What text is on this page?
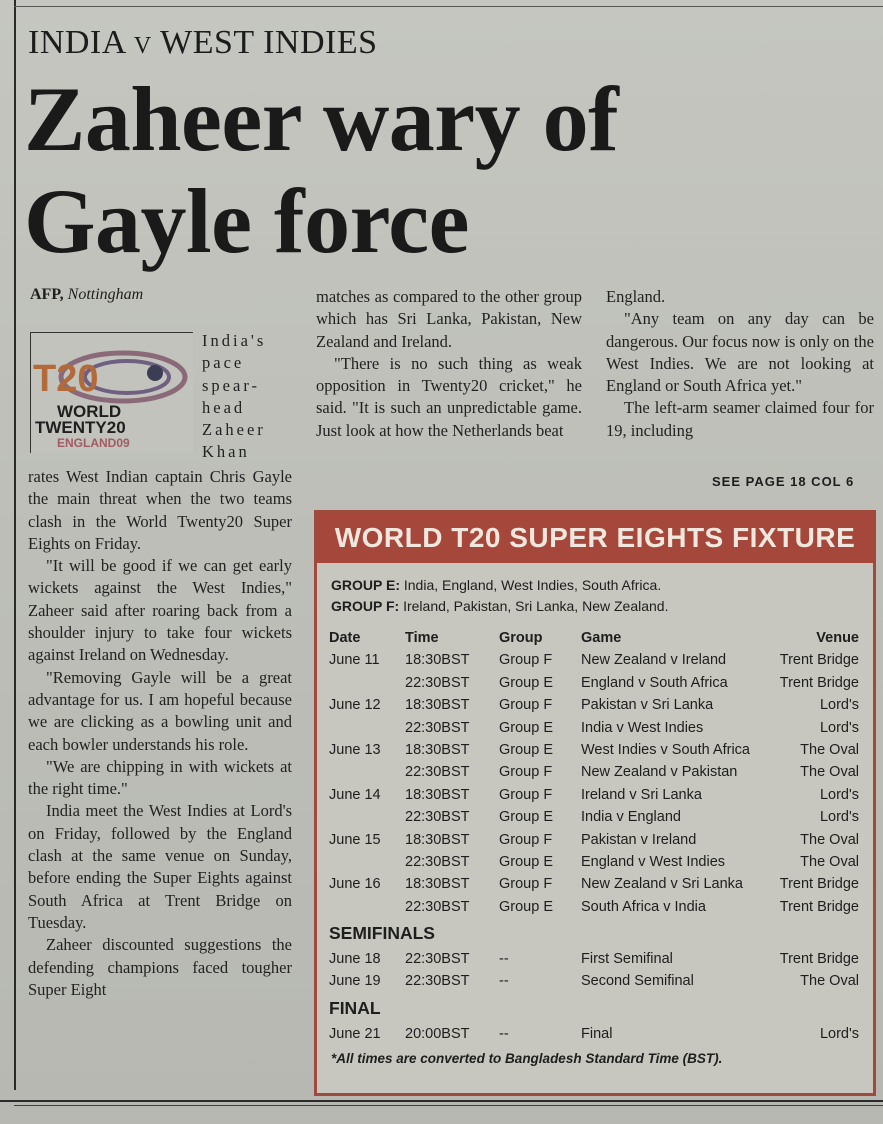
INDIA v WEST INDIES
Zaheer wary of
Gayle force
AFP, Nottingham
T20
WORLD
TWENTY20
ENGLAND09
India's
pace
spear-
head
Zaheer
Khan

rates West Indian captain Chris Gayle the main threat when the two teams clash in the World Twenty20 Super Eights on Friday.

"It will be good if we can get early wickets against the West Indies," Zaheer said after roaring back from a shoulder injury to take four wickets against Ireland on Wednesday.

"Removing Gayle will be a great advantage for us. I am hopeful because we are clicking as a bowling unit and each bowler understands his role.

"We are chipping in with wickets at the right time."

India meet the West Indies at Lord's on Friday, followed by the England clash at the same venue on Sunday, before ending the Super Eights against South Africa at Trent Bridge on Tuesday.

Zaheer discounted suggestions the defending champions faced tougher Super Eight

matches as compared to the other group which has Sri Lanka, Pakistan, New Zealand and Ireland.

"There is no such thing as weak opposition in Twenty20 cricket," he said. "It is such an unpredictable game. Just look at how the Netherlands beat

England.

"Any team on any day can be dangerous. Our focus now is only on the West Indies. We are not looking at England or South Africa yet."

The left-arm seamer claimed four for 19, including

SEE PAGE 18 COL 6
WORLD T20 SUPER EIGHTS FIXTURE
GROUP E: India, England, West Indies, South Africa.
GROUP F: Ireland, Pakistan, Sri Lanka, New Zealand.
Date	Time	Group	Game	Venue
June 11 18:30BST Group F New Zealand v Ireland	Trent Bridge
22:30BST Group E England v South Africa	Trent Bridge
June 12 18:30BST Group F Pakistan v Sri Lanka	Lord's
22:30BST Group E India v West Indies	Lord's
June 13 18:30BST Group E West Indies v South Africa	The Oval
22:30BST Group F New Zealand v Pakistan	The Oval
June 14 18:30BST Group F Ireland v Sri Lanka	Lord's
22:30BST Group E India v England	Lord's
June 15 18:30BST Group F Pakistan v Ireland	The Oval
22:30BST Group E England v West Indies	The Oval
June 16 18:30BST Group F New Zealand v Sri Lanka	Trent Bridge
22:30BST Group E South Africa v India	Trent Bridge
SEMIFINALS
June 18 22:30BST --	First Semifinal	Trent Bridge
June 19 22:30BST --	Second Semifinal	The Oval
FINAL
June 21 20:00BST --	Final	Lord's
*All times are converted to Bangladesh Standard Time (BST).
